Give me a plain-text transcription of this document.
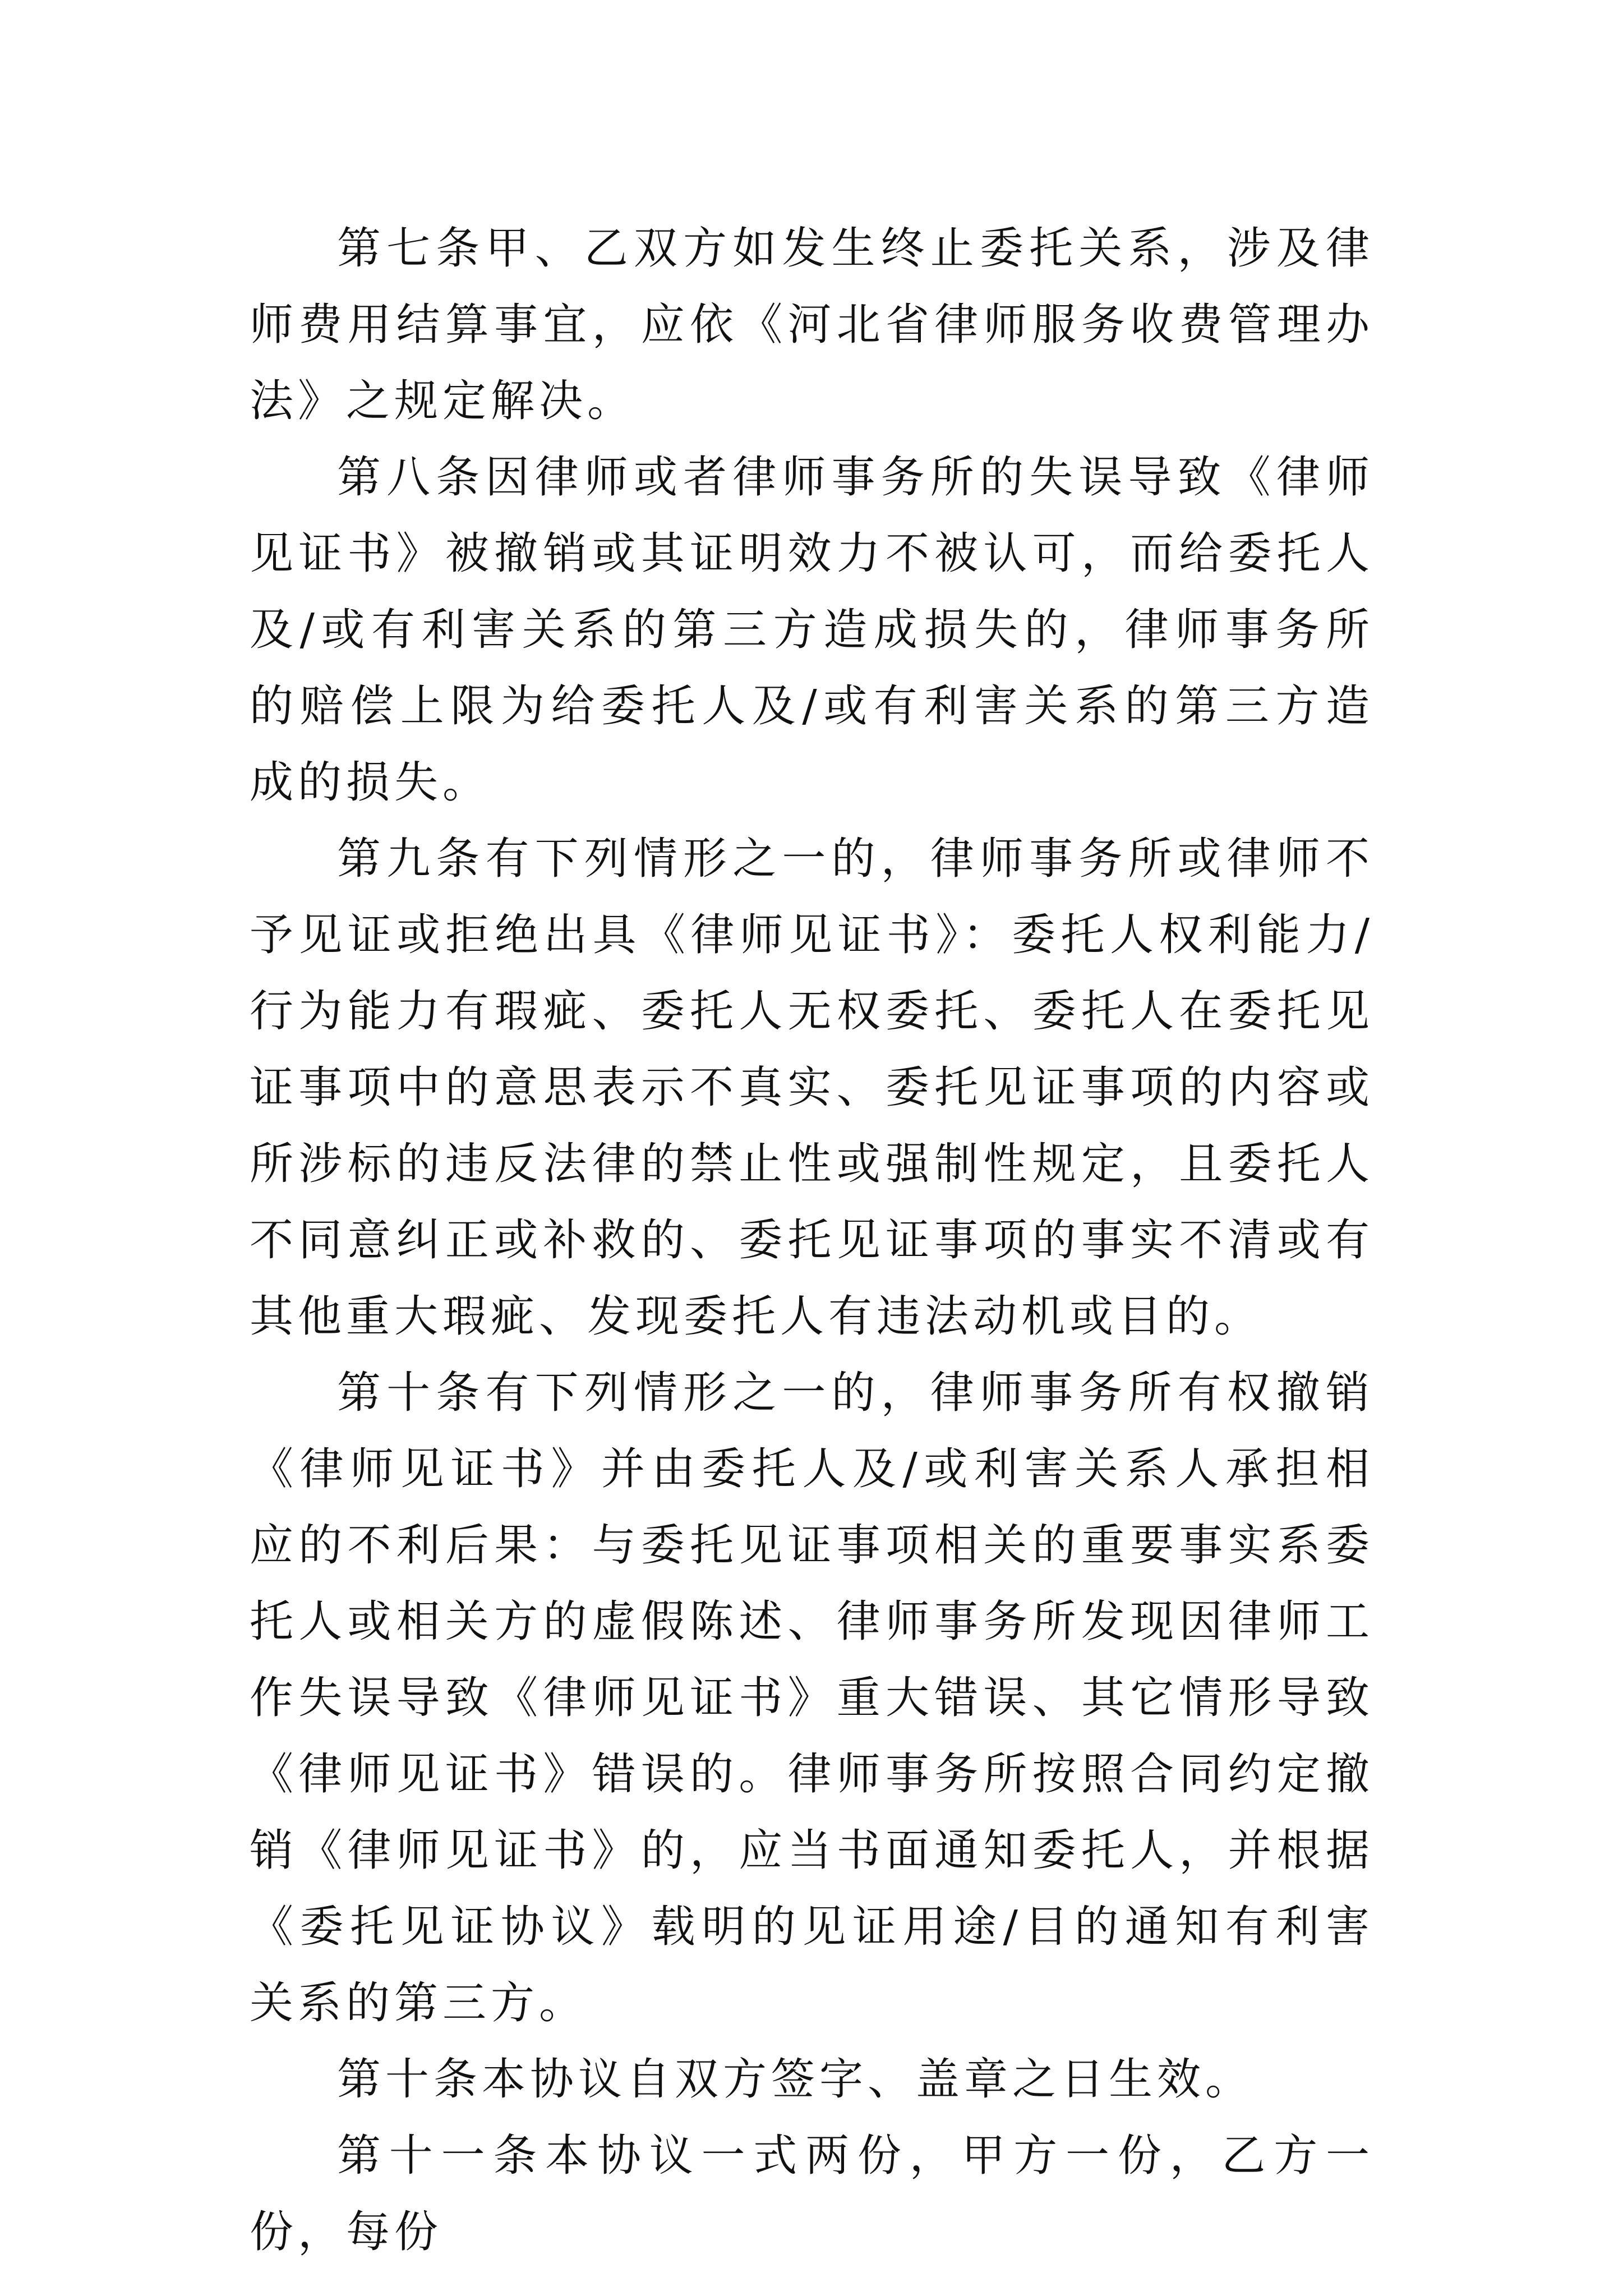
第七条甲、乙双方如发生终止委托关系，涉及律师费用结算事宜，应依《河北省律师服务收费管理办法》之规定解决。

第八条因律师或者律师事务所的失误导致《律师见证书》被撤销或其证明效力不被认可，而给委托人及/或有利害关系的第三方造成损失的，律师事务所的赔偿上限为给委托人及/或有利害关系的第三方造成的损失。

第九条有下列情形之一的，律师事务所或律师不予见证或拒绝出具《律师见证书》：委托人权利能力/行为能力有瑕疵、委托人无权委托、委托人在委托见证事项中的意思表示不真实、委托见证事项的内容或所涉标的违反法律的禁止性或强制性规定，且委托人不同意纠正或补救的、委托见证事项的事实不清或有其他重大瑕疵、发现委托人有违法动机或目的。

第十条有下列情形之一的，律师事务所有权撤销《律师见证书》并由委托人及/或利害关系人承担相应的不利后果：与委托见证事项相关的重要事实系委托人或相关方的虚假陈述、律师事务所发现因律师工作失误导致《律师见证书》重大错误、其它情形导致《律师见证书》错误的。律师事务所按照合同约定撤销《律师见证书》的，应当书面通知委托人，并根据《委托见证协议》载明的见证用途/目的通知有利害关系的第三方。

第十条本协议自双方签字、盖章之日生效。

第十一条本协议一式两份，甲方一份，乙方一份，每份
